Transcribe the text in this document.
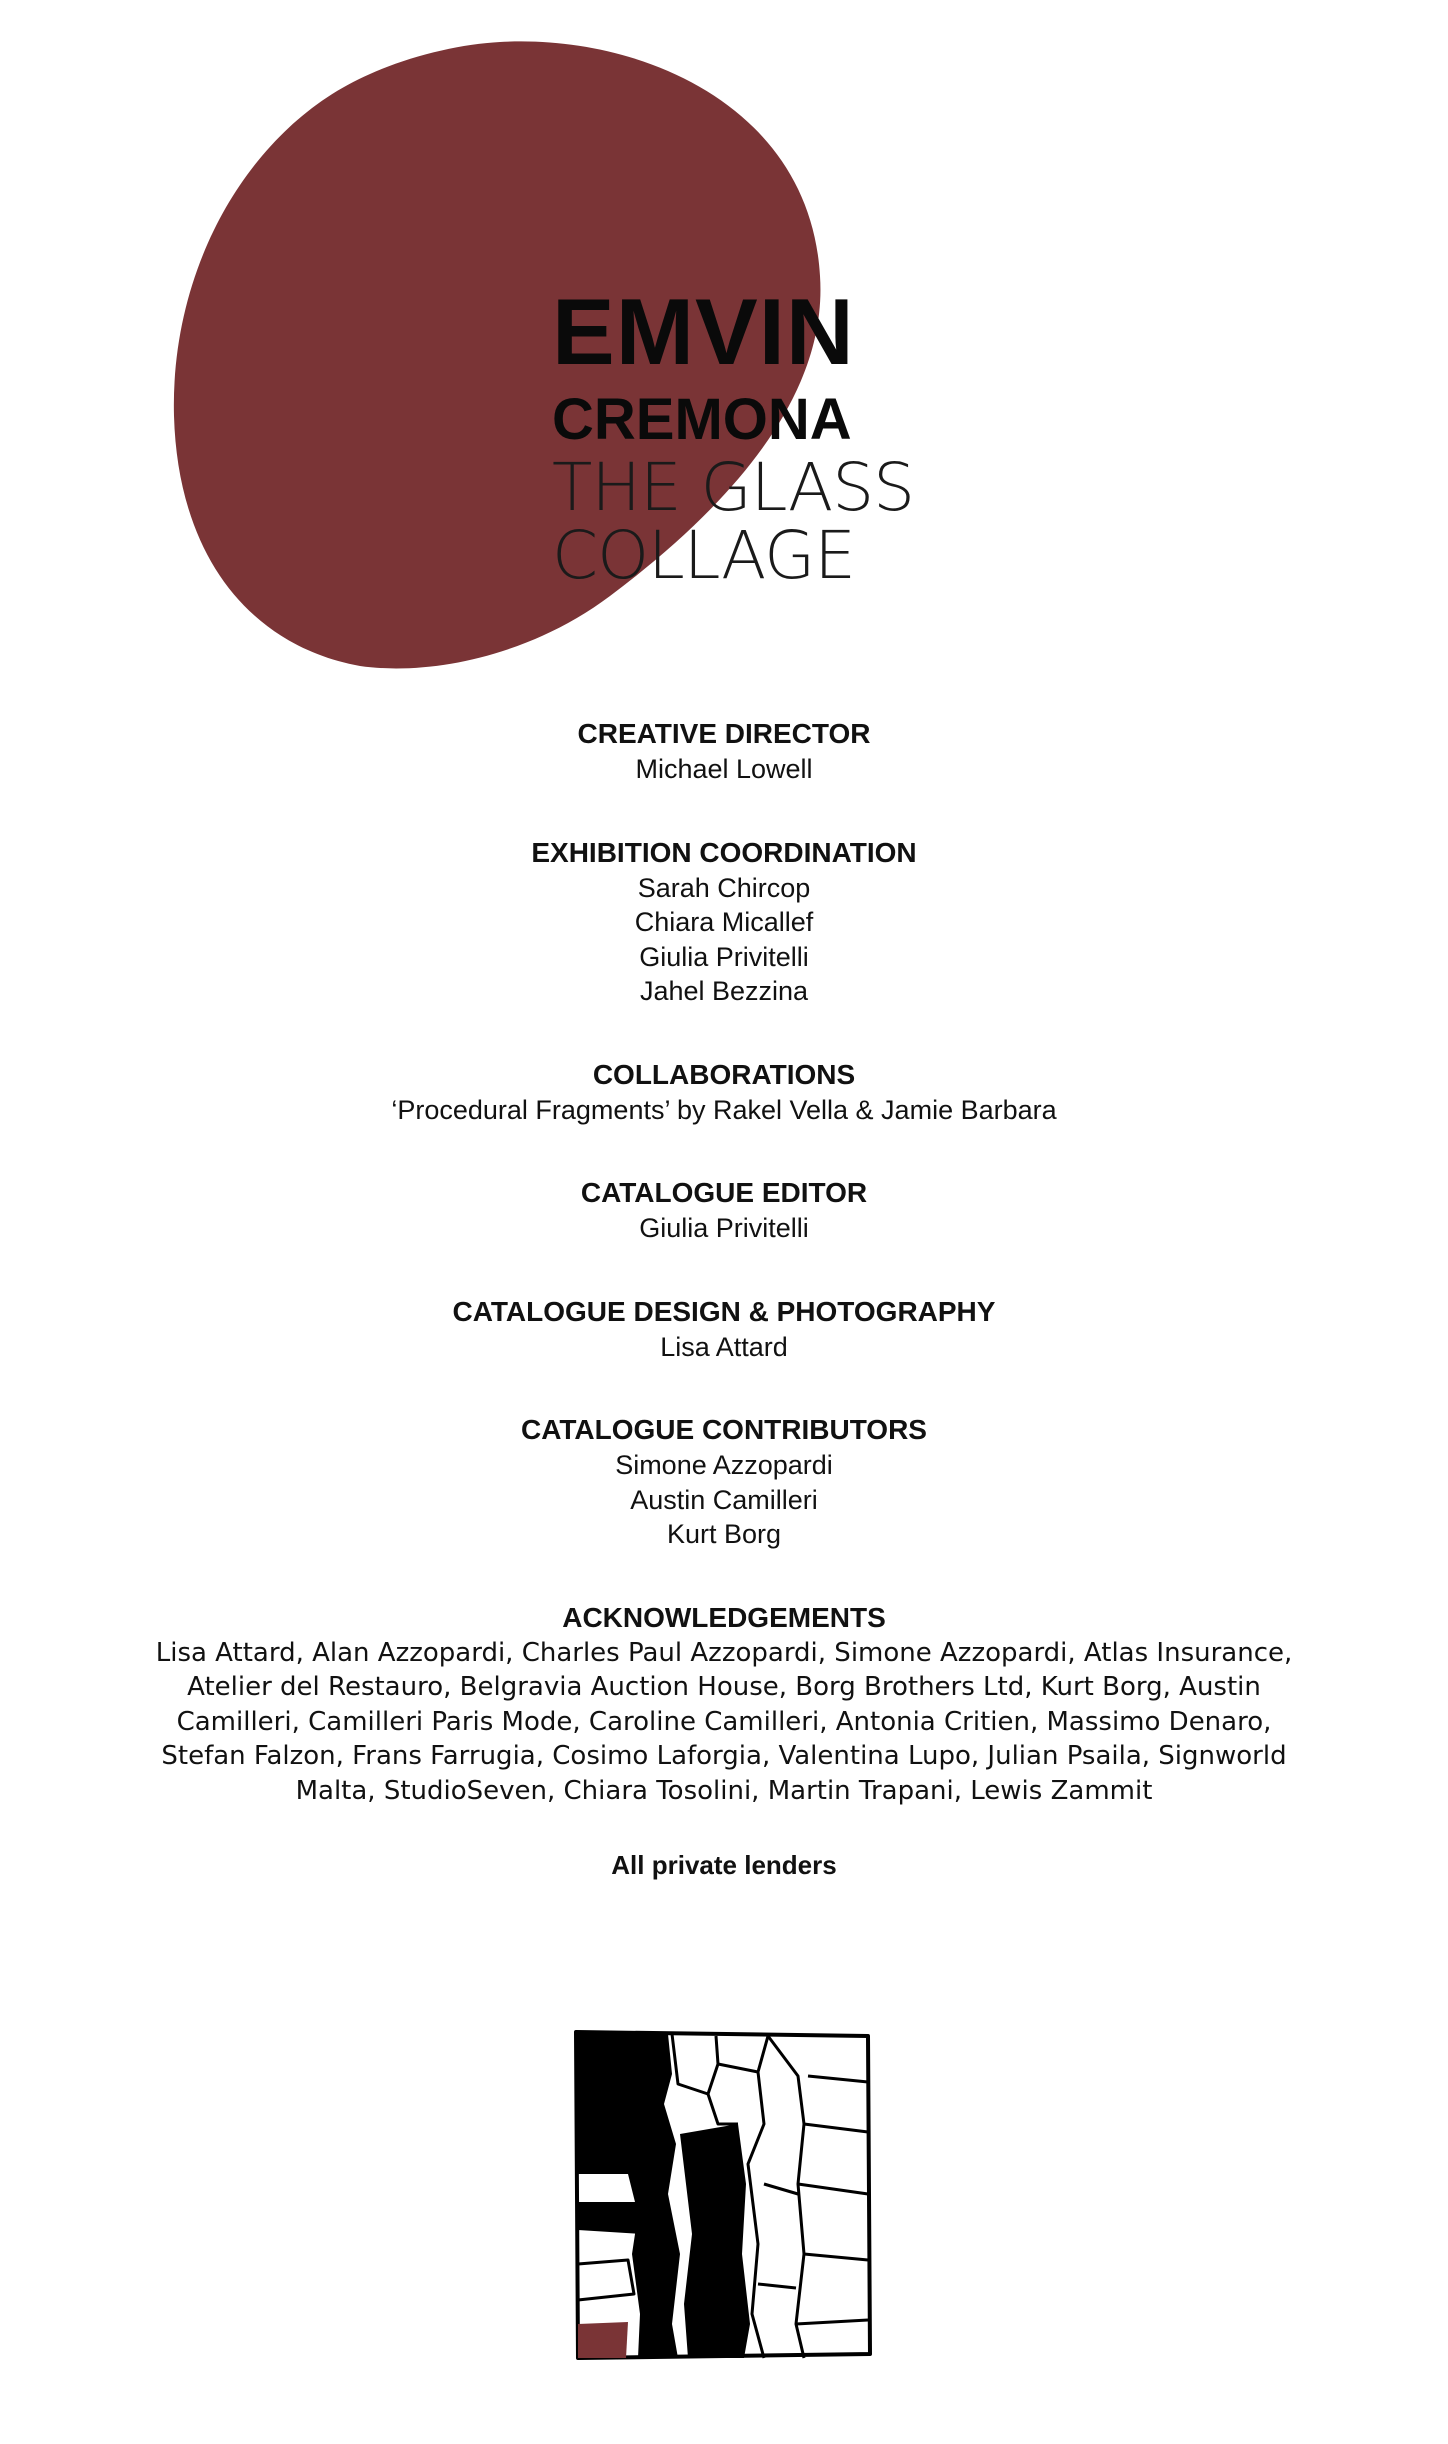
EMVIN
CREMONA
THE GLASS
COLLAGE
CREATIVE DIRECTOR
Michael Lowell
EXHIBITION COORDINATION
Sarah Chircop
Chiara Micallef
Giulia Privitelli
Jahel Bezzina
COLLABORATIONS
‘Procedural Fragments’ by Rakel Vella & Jamie Barbara
CATALOGUE EDITOR
Giulia Privitelli
CATALOGUE DESIGN & PHOTOGRAPHY
Lisa Attard
CATALOGUE CONTRIBUTORS
Simone Azzopardi
Austin Camilleri
Kurt Borg
ACKNOWLEDGEMENTS
Lisa Attard, Alan Azzopardi, Charles Paul Azzopardi, Simone Azzopardi, Atlas Insurance, Atelier del Restauro, Belgravia Auction House, Borg Brothers Ltd, Kurt Borg, Austin Camilleri, Camilleri Paris Mode, Caroline Camilleri, Antonia Critien, Massimo Denaro, Stefan Falzon, Frans Farrugia, Cosimo Laforgia, Valentina Lupo, Julian Psaila, Signworld Malta, StudioSeven, Chiara Tosolini, Martin Trapani, Lewis Zammit
All private lenders
